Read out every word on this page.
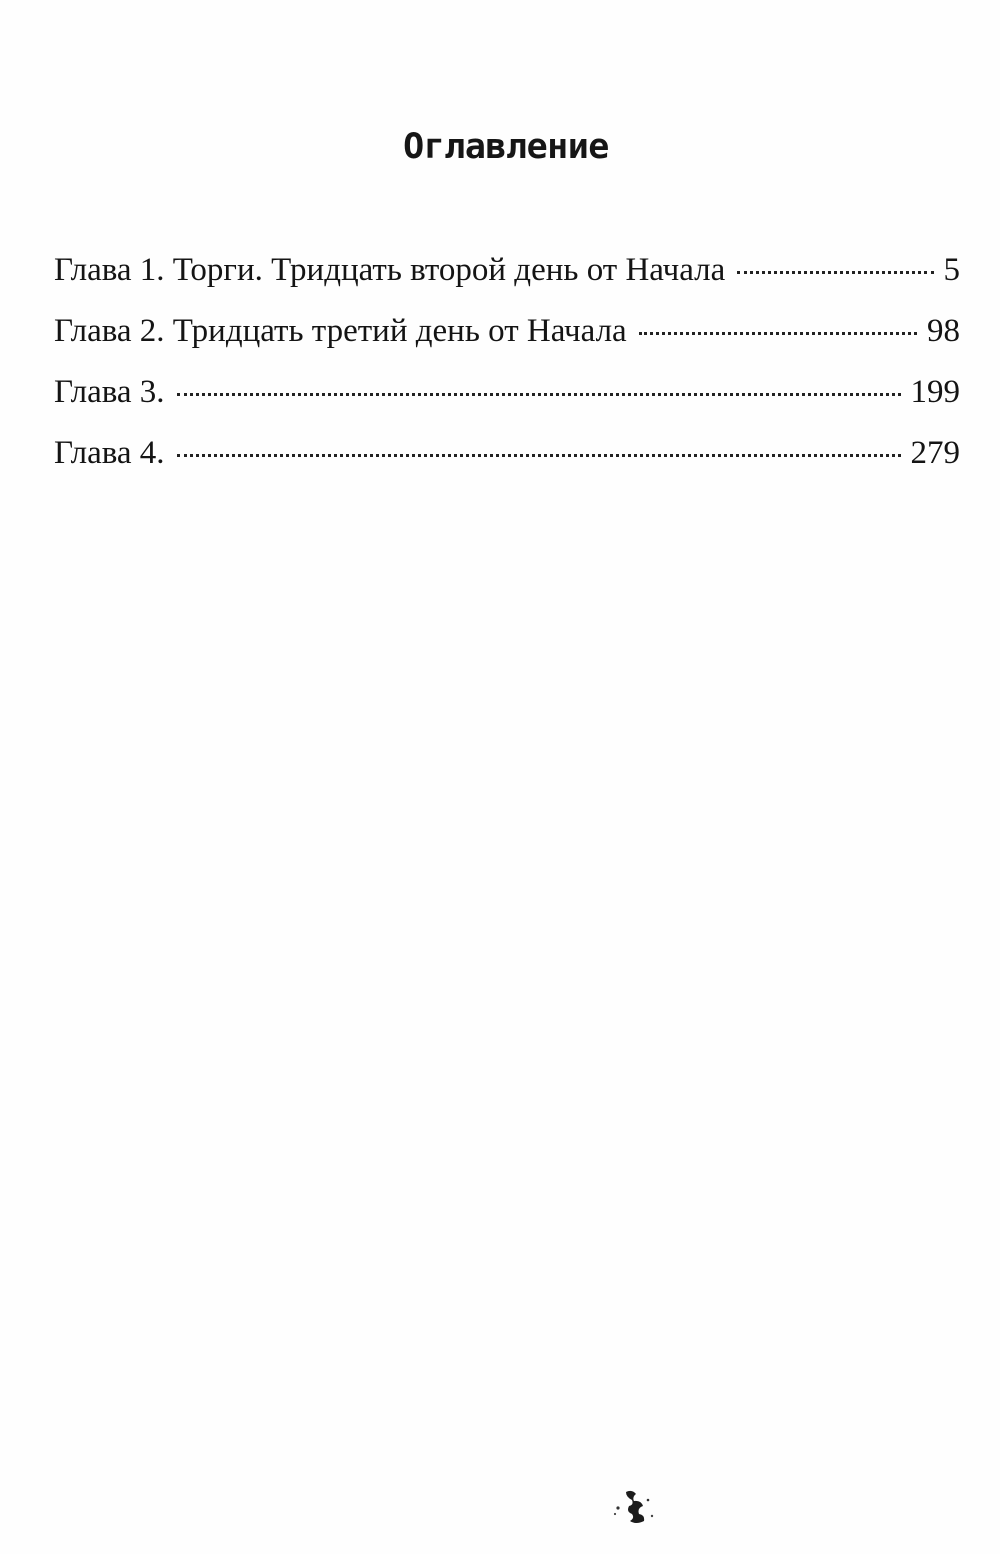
Оглавление
Глава 1. Торги. Тридцать второй день от Начала	5
Глава 2. Тридцать третий день от Начала	98
Глава 3.	199
Глава 4.	279
